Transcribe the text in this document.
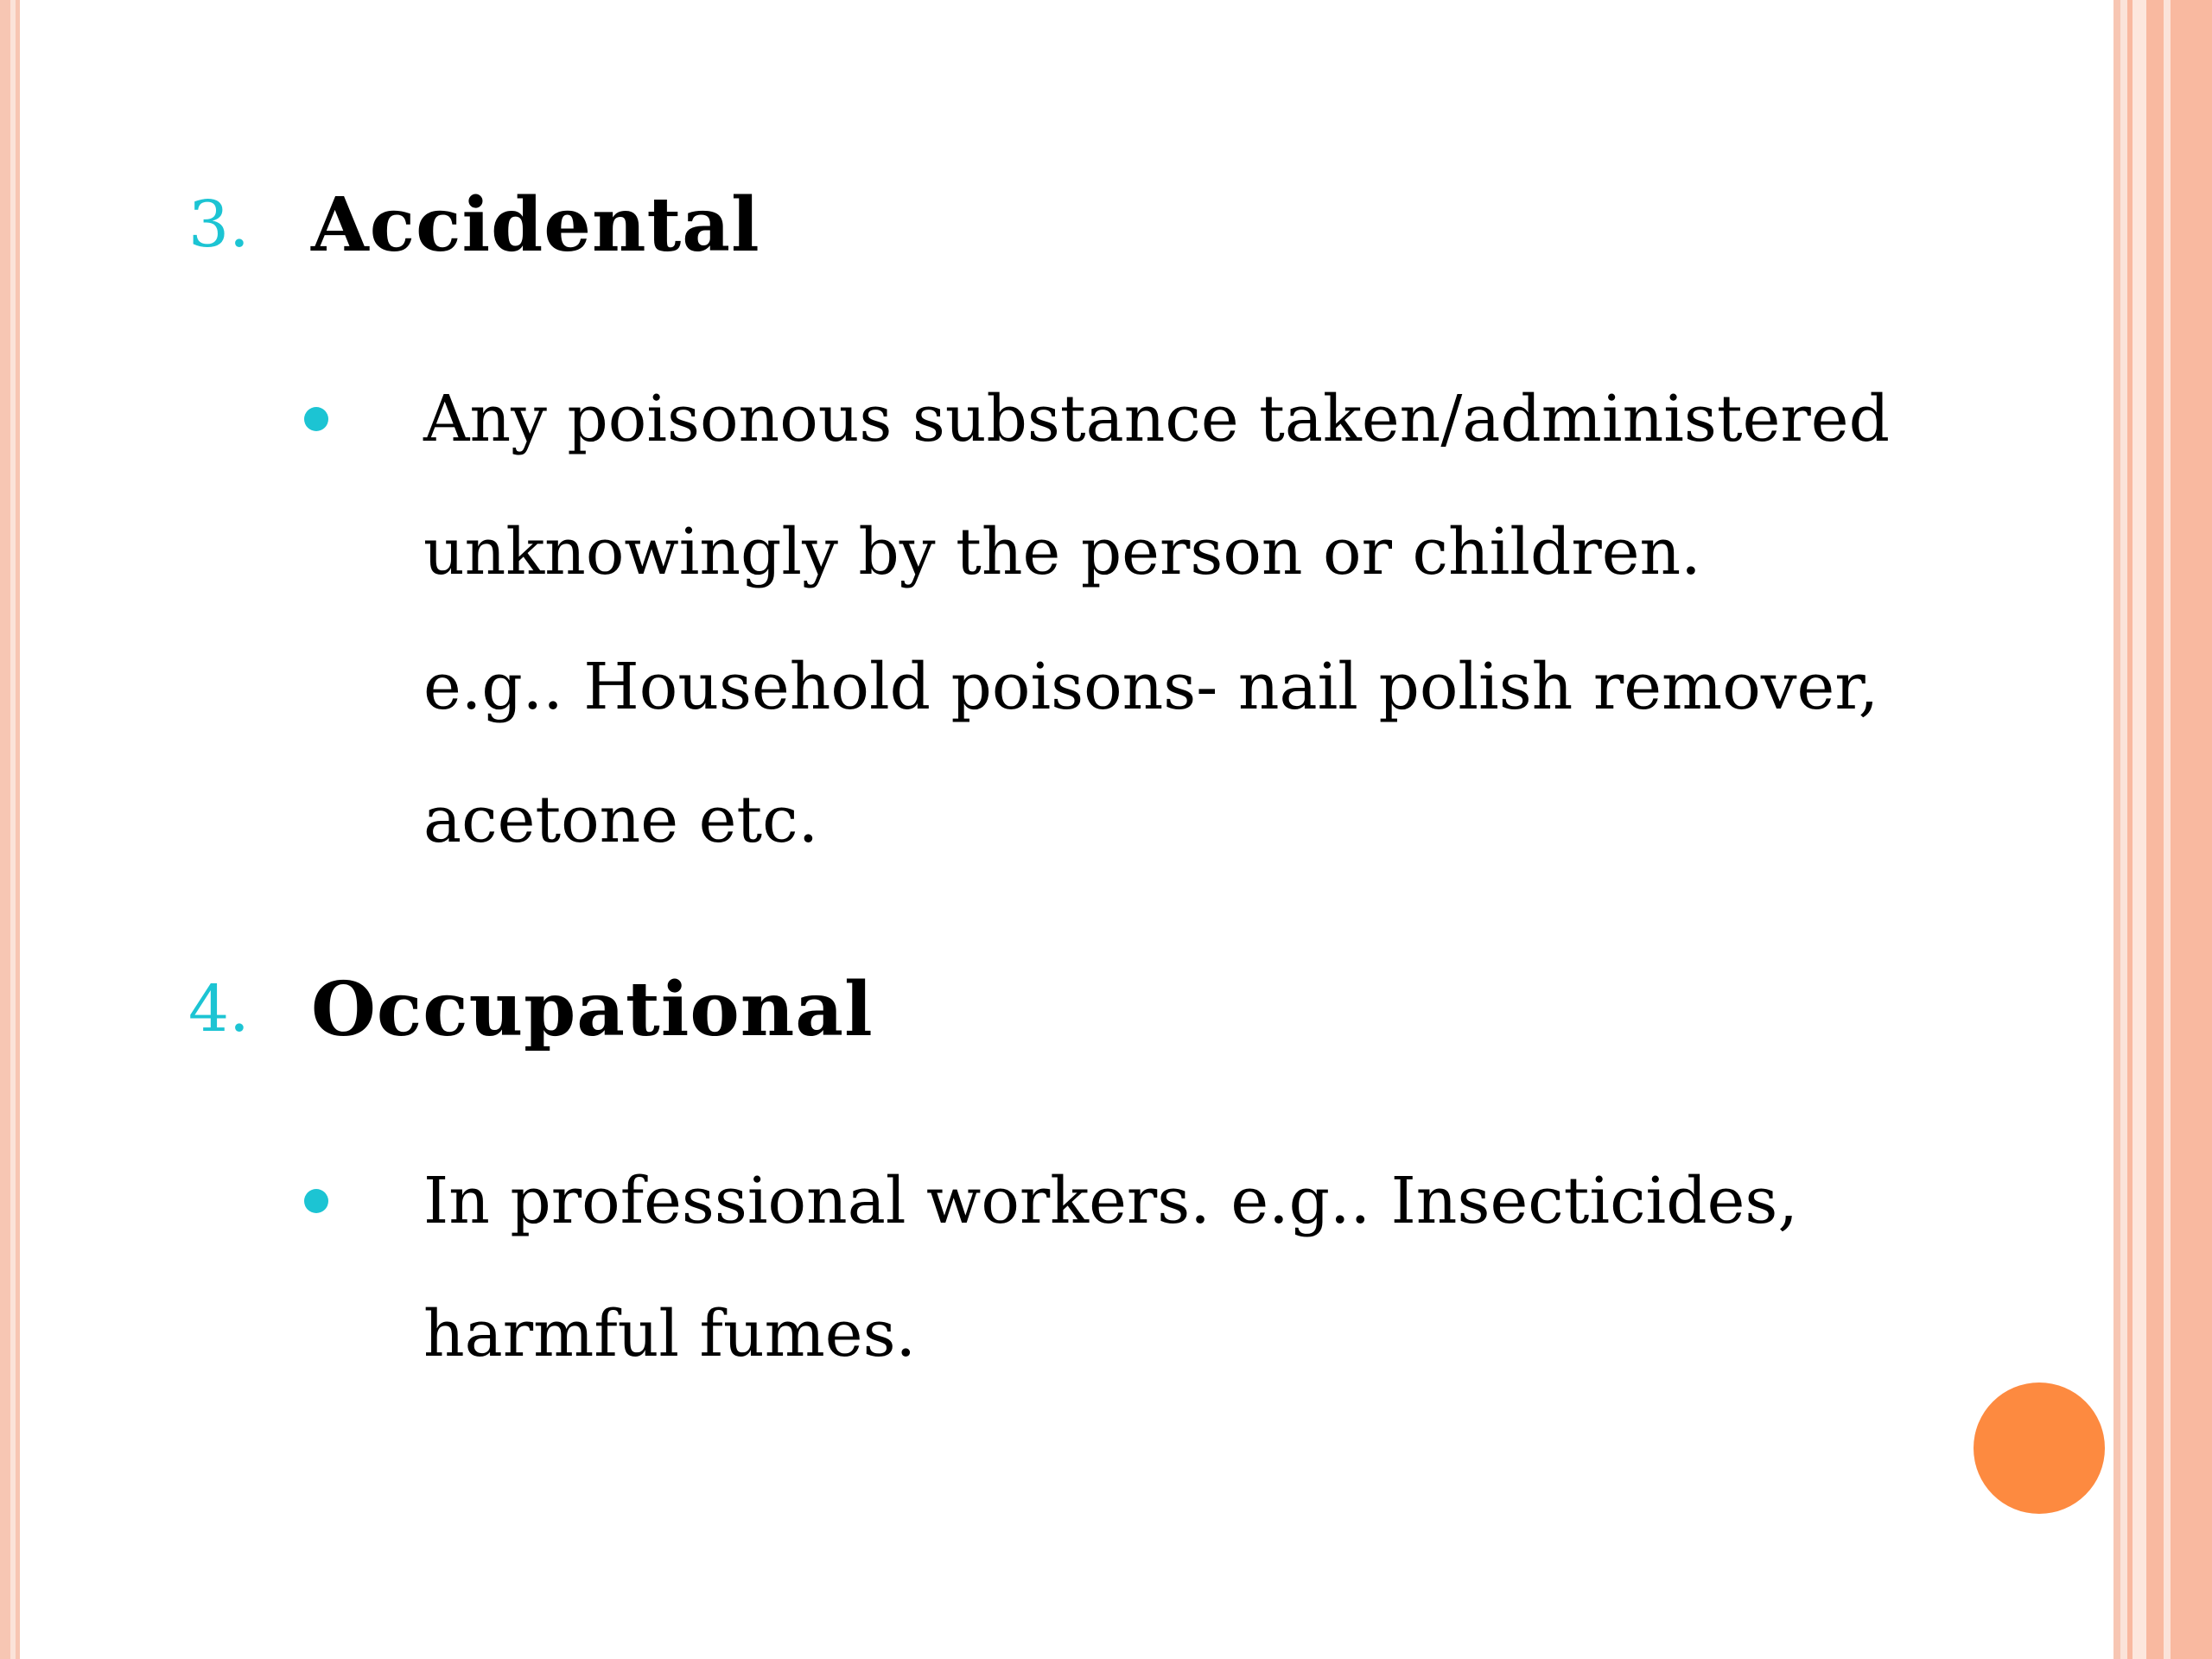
3. Accidental
Any poisonous substance taken/administered
unknowingly by the person or children.
e.g.. Household poisons- nail polish remover,
acetone etc.
4. Occupational
In professional workers. e.g.. Insecticides,
harmful fumes.
